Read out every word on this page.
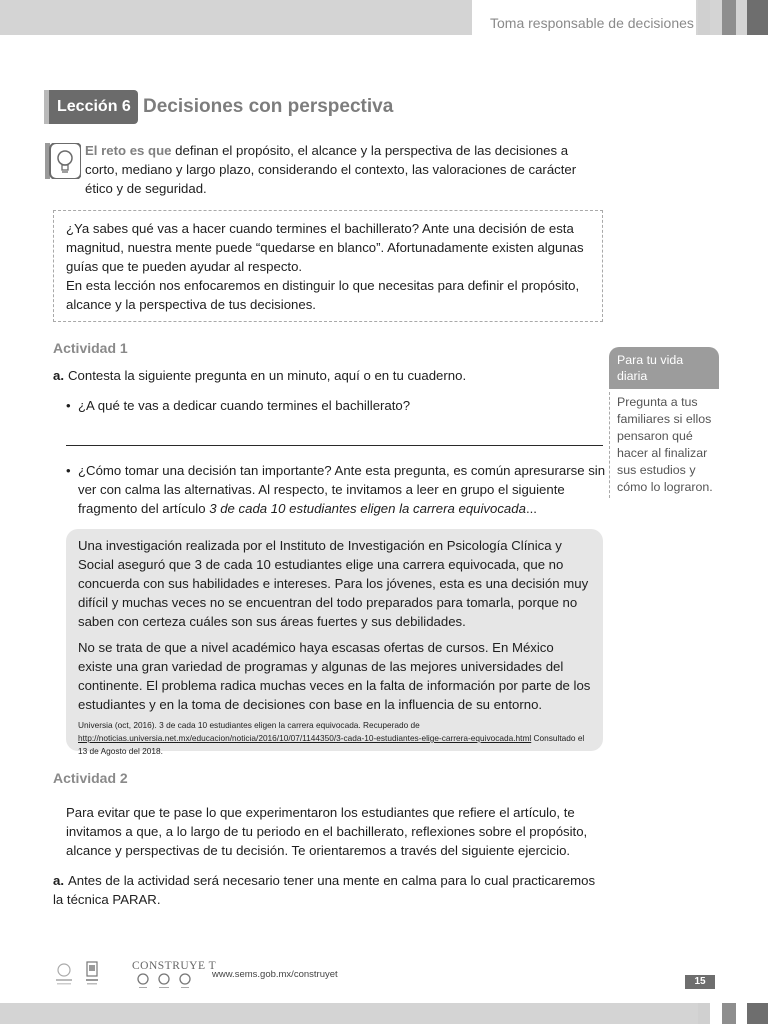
Toma responsable de decisiones
Lección 6 Decisiones con perspectiva
El reto es que definan el propósito, el alcance y la perspectiva de las decisiones a corto, mediano y largo plazo, considerando el contexto, las valoraciones de carácter ético y de seguridad.

¿Ya sabes qué vas a hacer cuando termines el bachillerato? Ante una decisión de esta magnitud, nuestra mente puede “quedarse en blanco”. Afortunadamente existen algunas guías que te pueden ayudar al respecto.

En esta lección nos enfocaremos en distinguir lo que necesitas para definir el propósito, alcance y la perspectiva de tus decisiones.

Actividad 1
a. Contesta la siguiente pregunta en un minuto, aquí o en tu cuaderno.
• ¿A qué te vas a dedicar cuando termines el bachillerato?
• ¿Cómo tomar una decisión tan importante? Ante esta pregunta, es común apresurarse sin ver con calma las alternativas. Al respecto, te invitamos a leer en grupo el siguiente fragmento del artículo 3 de cada 10 estudiantes eligen la carrera equivocada...

Una investigación realizada por el Instituto de Investigación en Psicología Clínica y Social aseguró que 3 de cada 10 estudiantes elige una carrera equivocada, que no concuerda con sus habilidades e intereses. Para los jóvenes, esta es una decisión muy difícil y muchas veces no se encuentran del todo preparados para tomarla, porque no saben con certeza cuáles son sus áreas fuertes y sus debilidades.

No se trata de que a nivel académico haya escasas ofertas de cursos. En México existe una gran variedad de programas y algunas de las mejores universidades del continente. El problema radica muchas veces en la falta de información por parte de los estudiantes y en la toma de decisiones con base en la influencia de su entorno.

Universia (oct, 2016). 3 de cada 10 estudiantes eligen la carrera equivocada. Recuperado de http://noticias.universia.net.mx/educacion/noticia/2016/10/07/1144350/3-cada-10-estudiantes-elige-carrera-equivocada.html Consultado el 13 de Agosto del 2018.

Para tu vida diaria
Pregunta a tus familiares si ellos pensaron qué hacer al finalizar sus estudios y cómo lo lograron.
Actividad 2
Para evitar que te pase lo que experimentaron los estudiantes que refiere el artículo, te invitamos a que, a lo largo de tu periodo en el bachillerato, reflexiones sobre el propósito, alcance y perspectivas de tu decisión. Te orientaremos a través del siguiente ejercicio.
a. Antes de la actividad será necesario tener una mente en calma para lo cual practicaremos la técnica PARAR.
CONSTRUYE T
www.sems.gob.mx/construyet
15
